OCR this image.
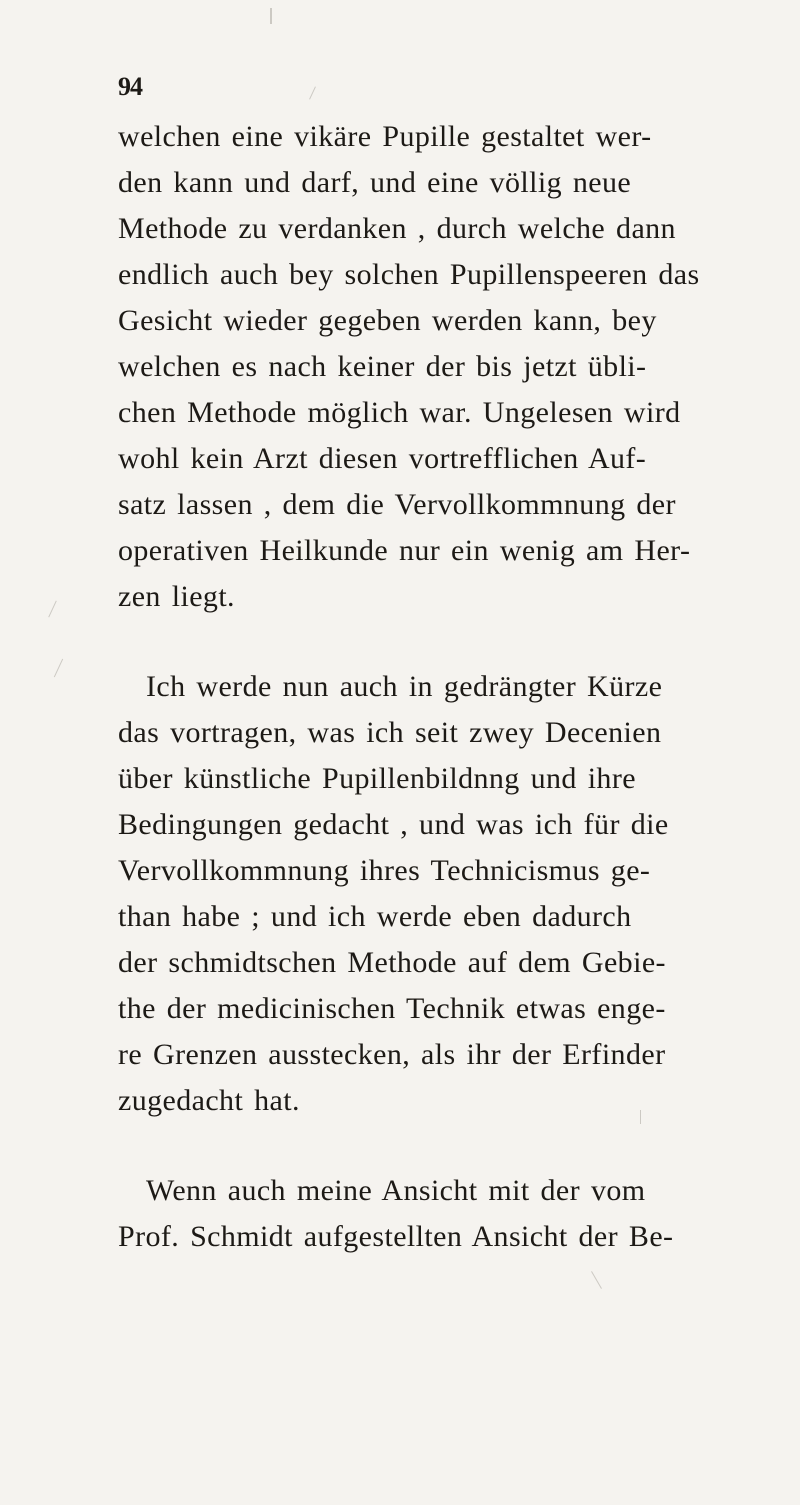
94
welchen eine vikäre Pupille gestaltet wer-
den kann und darf, und eine völlig neue
Methode zu verdanken , durch welche dann
endlich auch bey solchen Pupillenspeeren das
Gesicht wieder gegeben werden kann, bey
welchen es nach keiner der bis jetzt übli-
chen Methode möglich war. Ungelesen wird
wohl kein Arzt diesen vortrefflichen Auf-
satz lassen , dem die Vervollkommnung der
operativen Heilkunde nur ein wenig am Her-
zen liegt.
Ich werde nun auch in gedrängter Kürze
das vortragen, was ich seit zwey Decenien
über künstliche Pupillenbildnng und ihre
Bedingungen gedacht , und was ich für die
Vervollkommnung ihres Technicismus ge-
than habe ; und ich werde eben dadurch
der schmidtschen Methode auf dem Gebie-
the der medicinischen Technik etwas enge-
re Grenzen ausstecken, als ihr der Erfinder
zugedacht hat.
Wenn auch meine Ansicht mit der vom
Prof. Schmidt aufgestellten Ansicht der Be-
